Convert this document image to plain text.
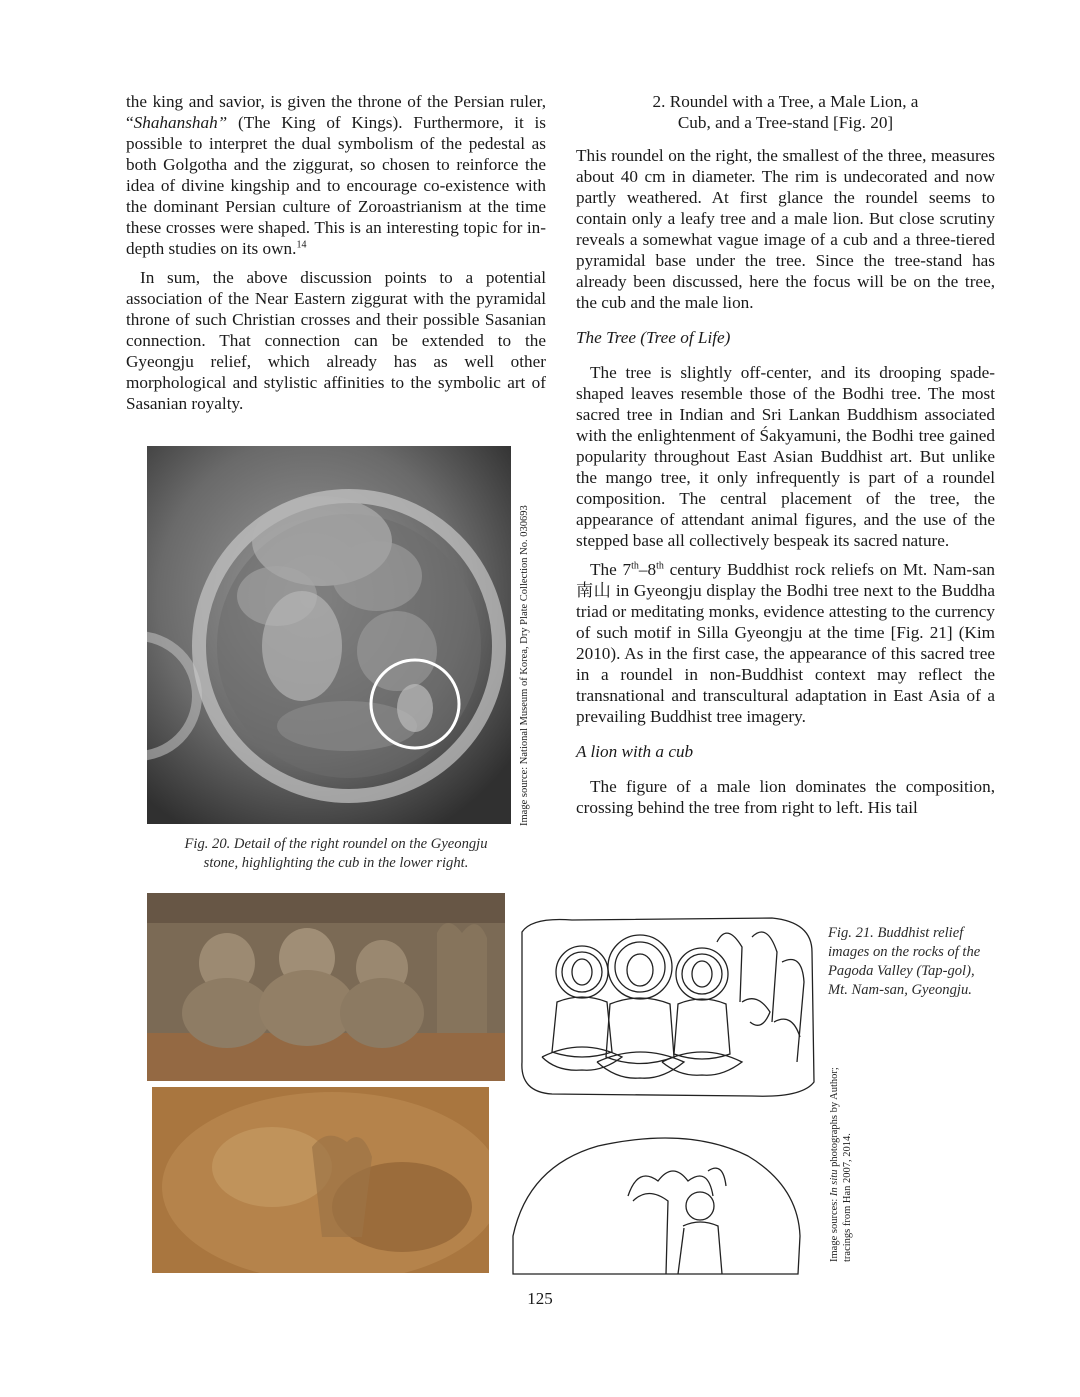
the king and savior, is given the throne of the Persian ruler, “Shahanshah” (The King of Kings). Furthermore, it is possible to interpret the dual symbolism of the pedestal as both Golgotha and the ziggurat, so chosen to reinforce the idea of divine kingship and to encourage co-existence with the dominant Persian culture of Zoroastrianism at the time these crosses were shaped. This is an interesting topic for in-depth studies on its own.$^{14}$

In sum, the above discussion points to a potential association of the Near Eastern ziggurat with the pyramidal throne of such Christian crosses and their possible Sasanian connection. That connection can be extended to the Gyeongju relief, which already has as well other morphological and stylistic affinities to the symbolic art of Sasanian royalty.

Image source: National Museum of Korea, Dry Plate Collection No. 030693
Fig. 20. Detail of the right roundel on the Gyeongju
stone, highlighting the cub in the lower right.
2. Roundel with a Tree, a Male Lion, a
Cub, and a Tree-stand [Fig. 20]

This roundel on the right, the smallest of the three, measures about 40 cm in diameter. The rim is undecorated and now partly weathered. At first glance the roundel seems to contain only a leafy tree and a male lion. But close scrutiny reveals a somewhat vague image of a cub and a three-tiered pyramidal base under the tree. Since the tree-stand has already been discussed, here the focus will be on the tree, the cub and the male lion.

The Tree (Tree of Life)

The tree is slightly off-center, and its drooping spade-shaped leaves resemble those of the Bodhi tree. The most sacred tree in Indian and Sri Lankan Buddhism associated with the enlightenment of Śakyamuni, the Bodhi tree gained popularity throughout East Asian Buddhist art. But unlike the mango tree, it only infrequently is part of a roundel composition. The central placement of the tree, the appearance of attendant animal figures, and the use of the stepped base all collectively bespeak its sacred nature.

The 7th–8th century Buddhist rock reliefs on Mt. Nam-san 南山 in Gyeongju display the Bodhi tree next to the Buddha triad or meditating monks, evidence attesting to the currency of such motif in Silla Gyeongju at the time [Fig. 21] (Kim 2010). As in the first case, the appearance of this sacred tree in a roundel in non-Buddhist context may reflect the transnational and transcultural adaptation in East Asia of a prevailing Buddhist tree imagery.

A lion with a cub

The figure of a male lion dominates the composition, crossing behind the tree from right to left. His tail

Fig. 21. Buddhist relief
images on the rocks of the
Pagoda Valley (Tap-gol),
Mt. Nam-san, Gyeongju.
Image sources: In situ photographs by Author;
tracings from Han 2007, 2014.
125
